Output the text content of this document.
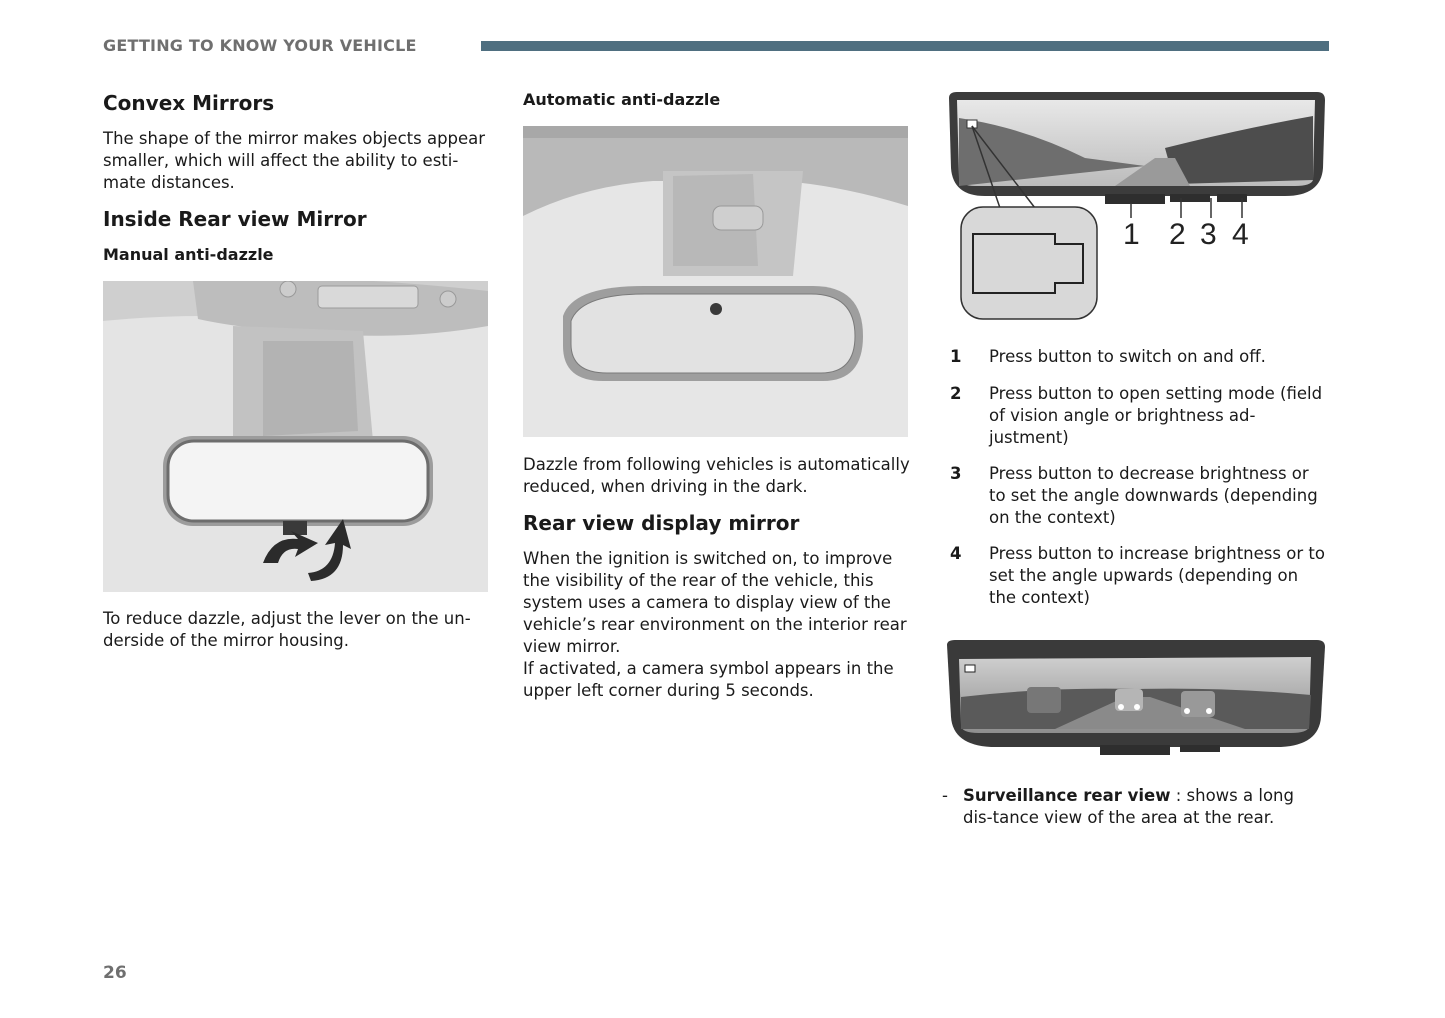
GETTING TO KNOW YOUR VEHICLE
Convex Mirrors

The shape of the mirror makes objects appear smaller, which will affect the ability to esti-mate distances.

Inside Rear view Mirror
Manual anti-dazzle

To reduce dazzle, adjust the lever on the un-derside of the mirror housing.

Automatic anti-dazzle

Dazzle from following vehicles is automatically reduced, when driving in the dark.

Rear view display mirror

When the ignition is switched on, to improve the visibility of the rear of the vehicle, this system uses a camera to display view of the vehicle’s rear environment on the interior rear view mirror.

If activated, a camera symbol appears in the upper left corner during 5 seconds.

1 2 3 4
1 Press button to switch on and off.
2 Press button to open setting mode (field of vision angle or brightness ad-justment)
3 Press button to decrease brightness or to set the angle downwards (depending on the context)
4 Press button to increase brightness or to set the angle upwards (depending on the context)
- Surveillance rear view : shows a long dis-tance view of the area at the rear.
26
